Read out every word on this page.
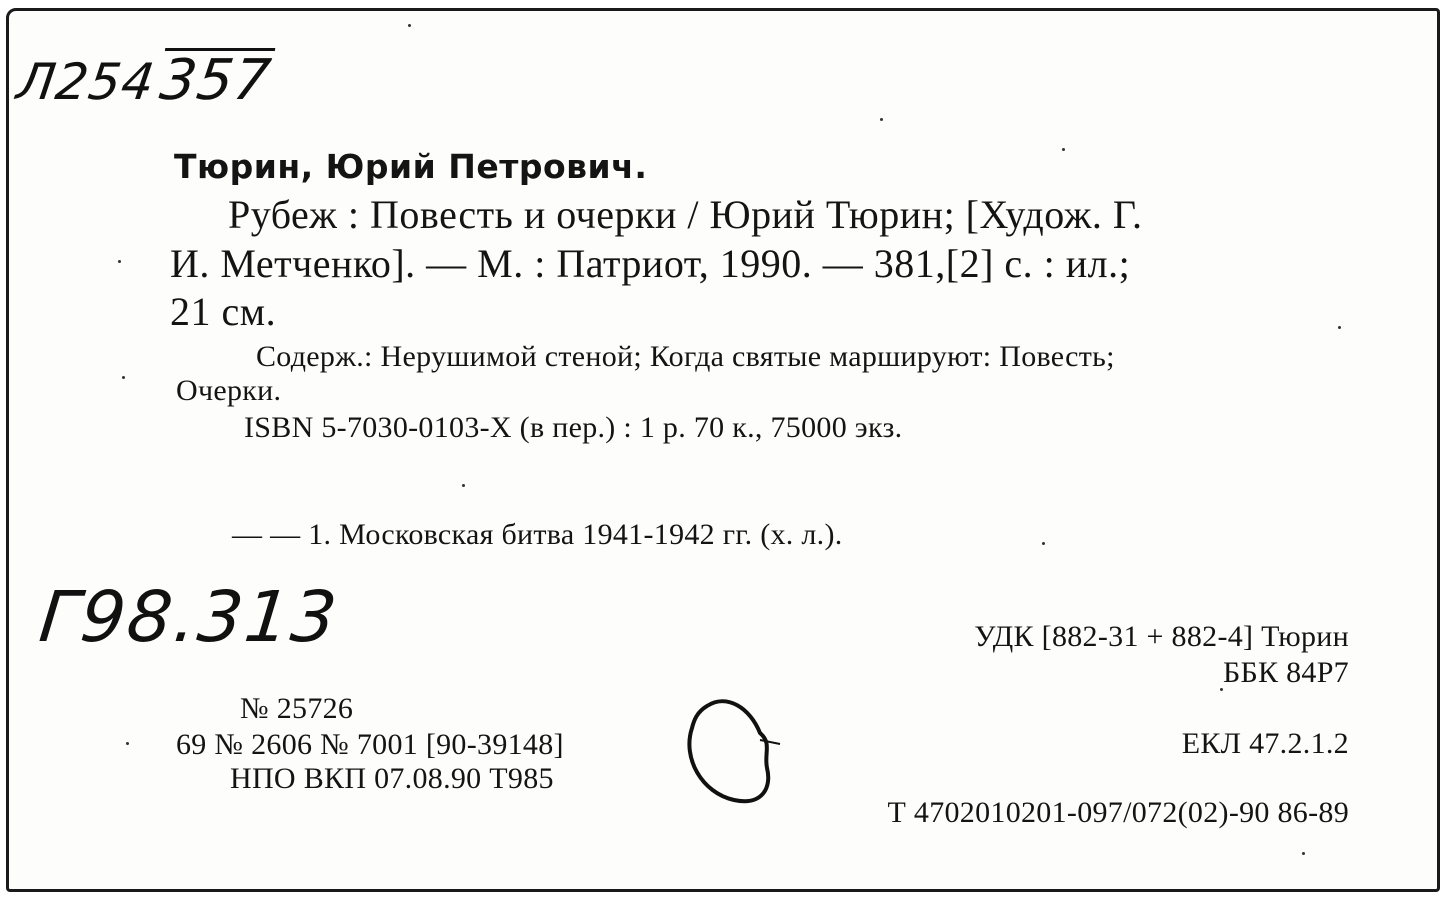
Л254357
Тюрин, Юрий Петрович.
Рубеж : Повесть и очерки / Юрий Тюрин; [Худож. Г.
И. Метченко]. — М. : Патриот, 1990. — 381,[2] с. : ил.;
21 см.
Содерж.: Нерушимой стеной; Когда святые маршируют: Повесть;
Очерки.
ISBN 5-7030-0103-X (в пер.) : 1 р. 70 к., 75000 экз.
— — 1. Московская битва 1941-1942 гг. (х. л.).
Г98.313	УДК [882-31 + 882-4] Тюрин
ББК 84Р7
ЕКЛ 47.2.1.2
Т 4702010201-097/072(02)-90 86-89
№ 25726
69 № 2606 № 7001 [90-39148]
НПО ВКП 07.08.90 Т985
